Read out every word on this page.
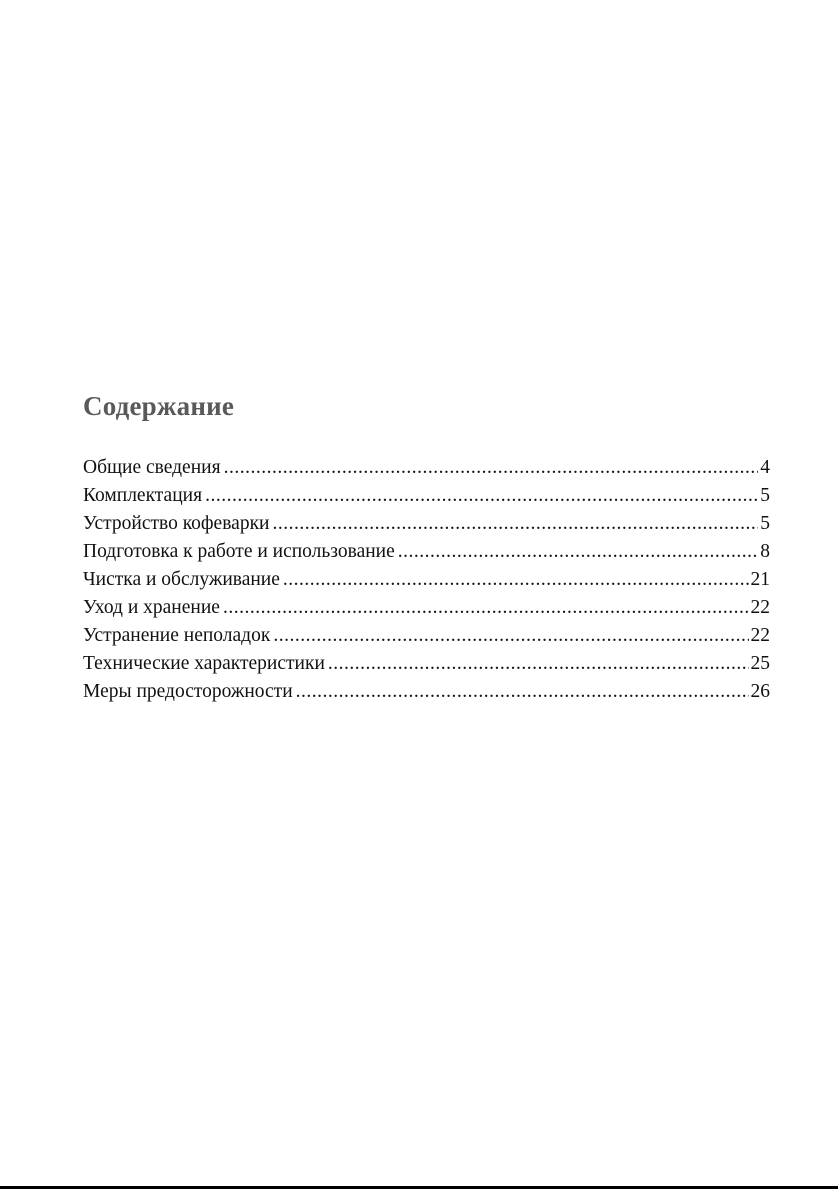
Содержание
Общие сведения .....	4
Комплектация .....	5
Устройство кофеварки .....	5
Подготовка к работе и использование .....	8
Чистка и обслуживание .....	21
Уход и хранение .....	22
Устранение неполадок .....	22
Технические характеристики .....	25
Меры предосторожности .....	26
